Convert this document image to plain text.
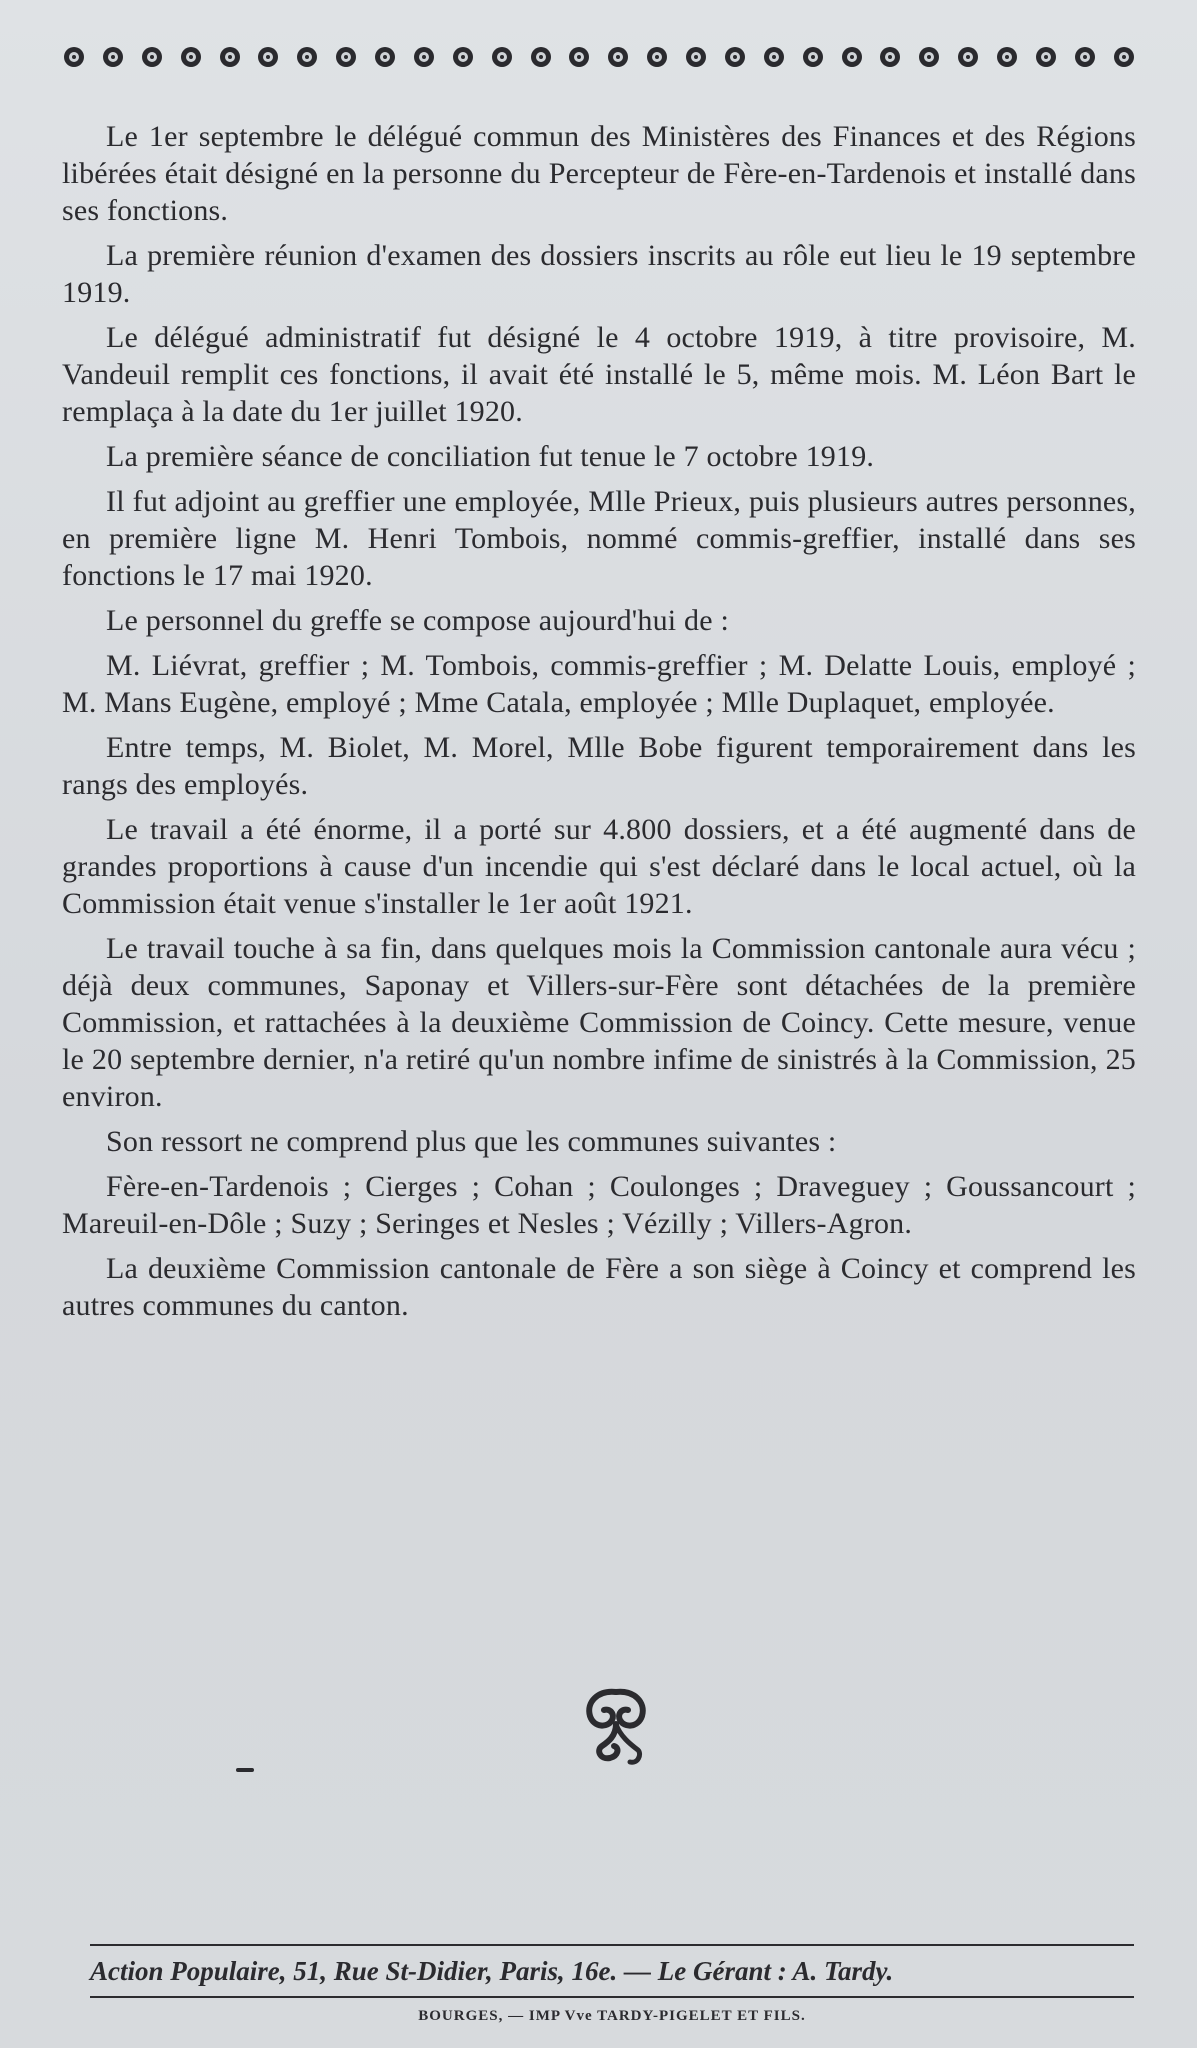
Le 1er septembre le délégué commun des Ministères des Finances et des Régions libérées était désigné en la personne du Percepteur de Fère-en-Tardenois et installé dans ses fonctions.

La première réunion d'examen des dossiers inscrits au rôle eut lieu le 19 septembre 1919.

Le délégué administratif fut désigné le 4 octobre 1919, à titre provisoire, M. Vandeuil remplit ces fonctions, il avait été installé le 5, même mois. M. Léon Bart le remplaça à la date du 1er juillet 1920.

La première séance de conciliation fut tenue le 7 octobre 1919.

Il fut adjoint au greffier une employée, Mlle Prieux, puis plusieurs autres personnes, en première ligne M. Henri Tombois, nommé commis-greffier, installé dans ses fonctions le 17 mai 1920.

Le personnel du greffe se compose aujourd'hui de :

M. Liévrat, greffier ; M. Tombois, commis-greffier ; M. Delatte Louis, employé ; M. Mans Eugène, employé ; Mme Catala, employée ; Mlle Duplaquet, employée.

Entre temps, M. Biolet, M. Morel, Mlle Bobe figurent temporairement dans les rangs des employés.

Le travail a été énorme, il a porté sur 4.800 dossiers, et a été augmenté dans de grandes proportions à cause d'un incendie qui s'est déclaré dans le local actuel, où la Commission était venue s'installer le 1er août 1921.

Le travail touche à sa fin, dans quelques mois la Commission cantonale aura vécu ; déjà deux communes, Saponay et Villers-sur-Fère sont détachées de la première Commission, et rattachées à la deuxième Commission de Coincy. Cette mesure, venue le 20 septembre dernier, n'a retiré qu'un nombre infime de sinistrés à la Commission, 25 environ.

Son ressort ne comprend plus que les communes suivantes :

Fère-en-Tardenois ; Cierges ; Cohan ; Coulonges ; Draveguey ; Goussancourt ; Mareuil-en-Dôle ; Suzy ; Seringes et Nesles ; Vézilly ; Villers-Agron.

La deuxième Commission cantonale de Fère a son siège à Coincy et comprend les autres communes du canton.

Action Populaire, 51, Rue St-Didier, Paris, 16e. — Le Gérant : A. Tardy.
BOURGES, — IMP Vve TARDY-PIGELET ET FILS.
